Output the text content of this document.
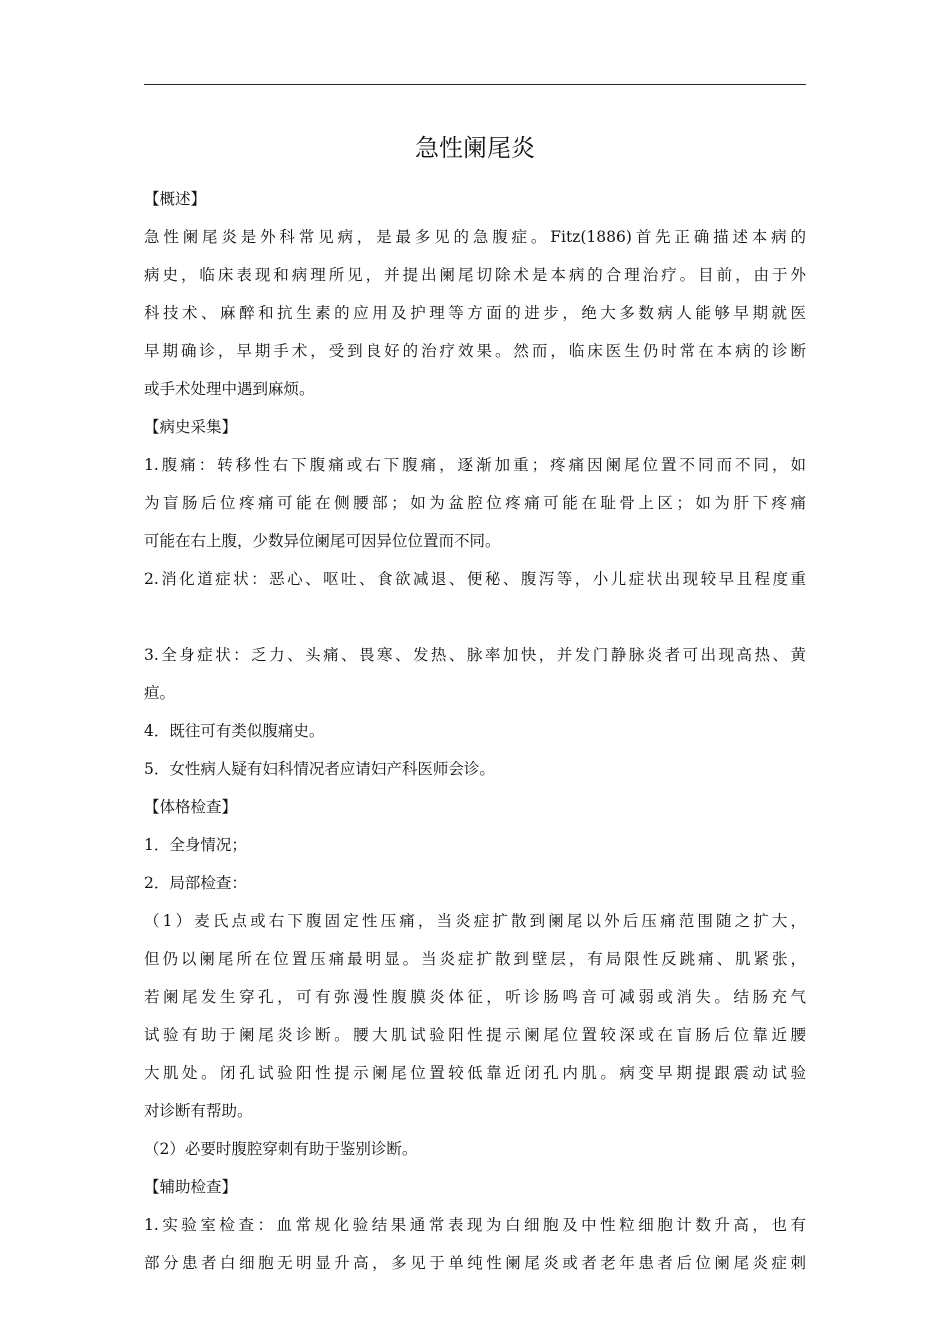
急性阑尾炎
【概述】
急性阑尾炎是外科常见病，是最多见的急腹症。Fitz(1886)首先正确描述本病的
病史，临床表现和病理所见，并提出阑尾切除术是本病的合理治疗。目前，由于外
科技术、麻醉和抗生素的应用及护理等方面的进步，绝大多数病人能够早期就医
早期确诊，早期手术，受到良好的治疗效果。然而，临床医生仍时常在本病的诊断
或手术处理中遇到麻烦。
【病史采集】
1.腹痛：转移性右下腹痛或右下腹痛，逐渐加重；疼痛因阑尾位置不同而不同，如
为盲肠后位疼痛可能在侧腰部；如为盆腔位疼痛可能在耻骨上区；如为肝下疼痛
可能在右上腹，少数异位阑尾可因异位位置而不同。
2.消化道症状：恶心、呕吐、食欲减退、便秘、腹泻等，小儿症状出现较早且程度重
3.全身症状：乏力、头痛、畏寒、发热、脉率加快，并发门静脉炎者可出现高热、黄
疸。
4．既往可有类似腹痛史。
5．女性病人疑有妇科情况者应请妇产科医师会诊。
【体格检查】
1．全身情况；
2．局部检查：
（1）麦氏点或右下腹固定性压痛，当炎症扩散到阑尾以外后压痛范围随之扩大，
但仍以阑尾所在位置压痛最明显。当炎症扩散到壁层，有局限性反跳痛、肌紧张，
若阑尾发生穿孔，可有弥漫性腹膜炎体征，听诊肠鸣音可减弱或消失。结肠充气
试验有助于阑尾炎诊断。腰大肌试验阳性提示阑尾位置较深或在盲肠后位靠近腰
大肌处。闭孔试验阳性提示阑尾位置较低靠近闭孔内肌。病变早期提跟震动试验
对诊断有帮助。
（2）必要时腹腔穿刺有助于鉴别诊断。
【辅助检查】
1.实验室检查：血常规化验结果通常表现为白细胞及中性粒细胞计数升高，也有
部分患者白细胞无明显升高，多见于单纯性阑尾炎或者老年患者后位阑尾炎症刺
